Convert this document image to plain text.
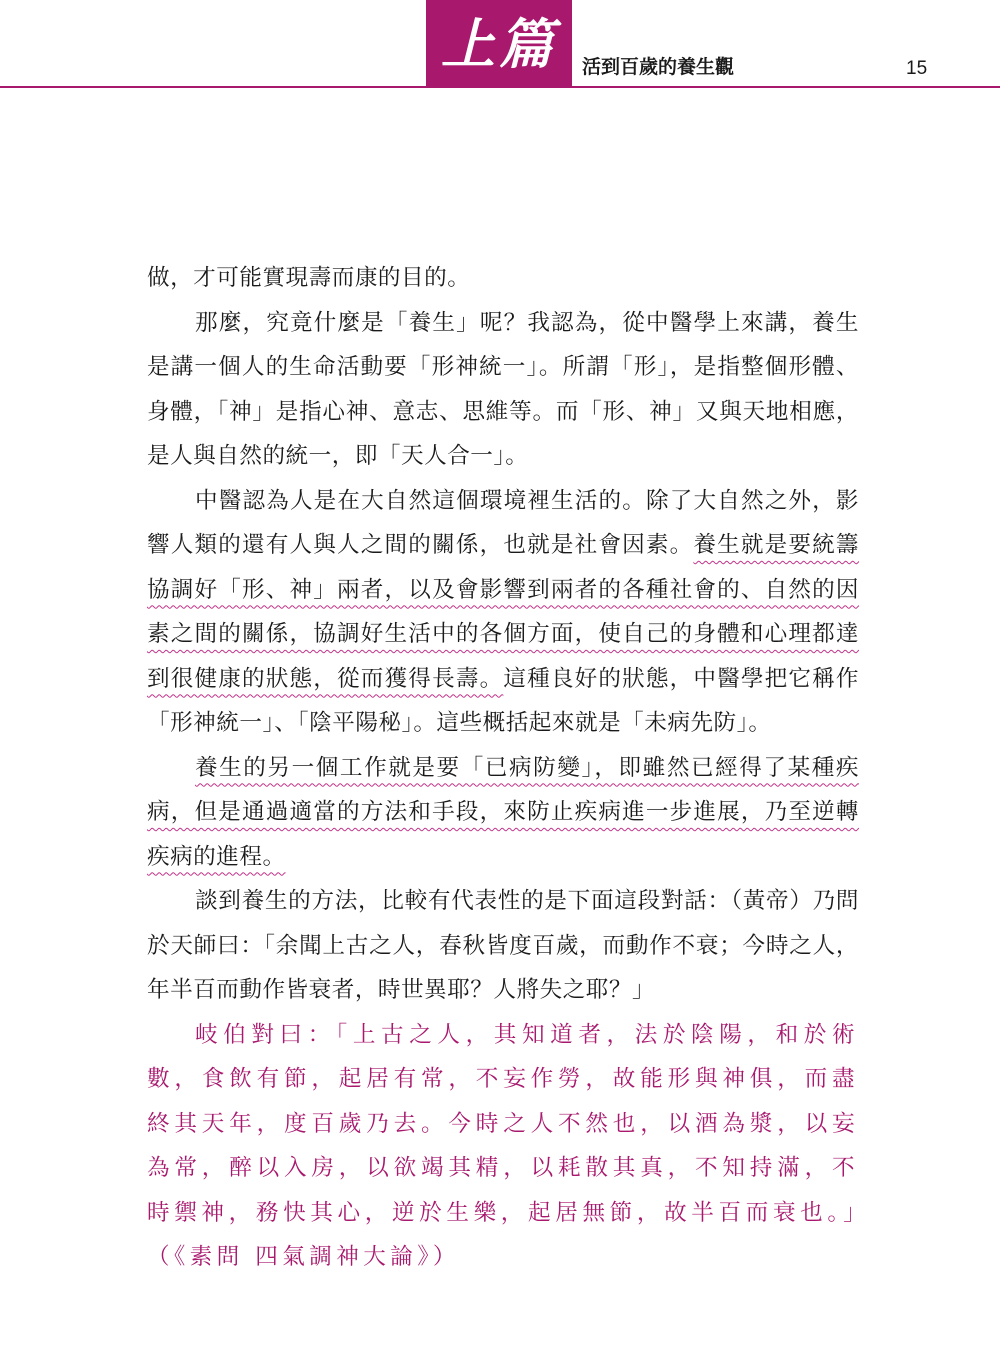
上篇 活到百歲的養生觀	15

做，才可能實現壽而康的目的。

那麼，究竟什麼是「養生」呢？我認為，從中醫學上來講，養生是講一個人的生命活動要「形神統一」。所謂「形」，是指整個形體、身體，「神」是指心神、意志、思維等。而「形、神」又與天地相應，是人與自然的統一，即「天人合一」。

中醫認為人是在大自然這個環境裡生活的。除了大自然之外，影響人類的還有人與人之間的關係，也就是社會因素。養生就是要統籌協調好「形、神」兩者，以及會影響到兩者的各種社會的、自然的因素之間的關係，協調好生活中的各個方面，使自己的身體和心理都達到很健康的狀態，從而獲得長壽。這種良好的狀態，中醫學把它稱作「形神統一」、「陰平陽秘」。這些概括起來就是「未病先防」。

養生的另一個工作就是要「已病防變」，即雖然已經得了某種疾病，但是通過適當的方法和手段，來防止疾病進一步進展，乃至逆轉疾病的進程。

談到養生的方法，比較有代表性的是下面這段對話：（黃帝）乃問於天師曰：「余聞上古之人，春秋皆度百歲，而動作不衰；今時之人，年半百而動作皆衰者，時世異耶？人將失之耶？」

岐伯對曰：「上古之人，其知道者，法於陰陽，和於術數，食飲有節，起居有常，不妄作勞，故能形與神俱，而盡終其天年，度百歲乃去。今時之人不然也，以酒為漿，以妄為常，醉以入房，以欲竭其精，以耗散其真，不知持滿，不時禦神，務快其心，逆於生樂，起居無節，故半百而衰也。」（《素問 四氣調神大論》）
